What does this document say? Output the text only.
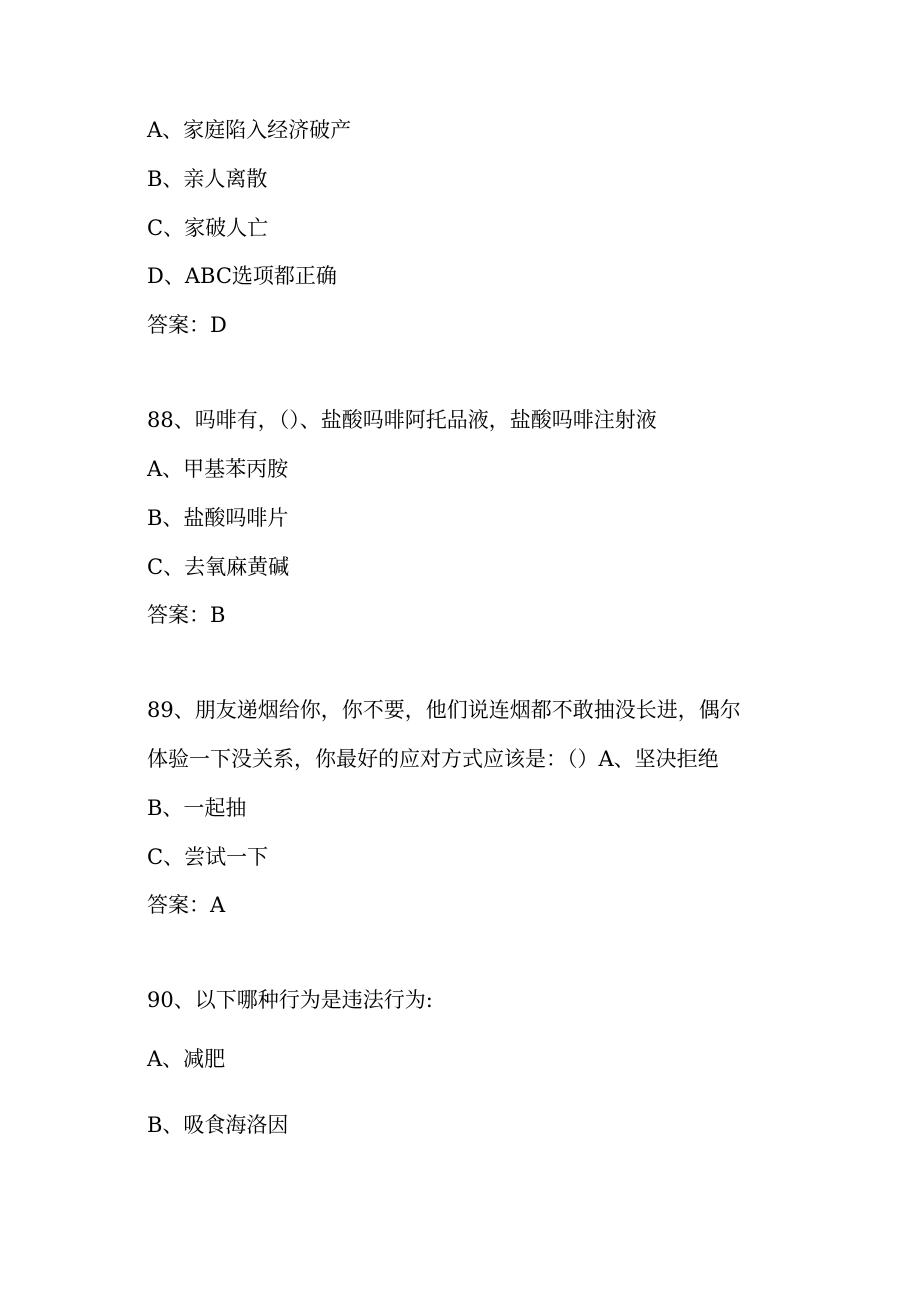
A、家庭陷入经济破产
B、亲人离散
C、家破人亡
D、ABC选项都正确
答案：D
88、吗啡有，（）、盐酸吗啡阿托品液，盐酸吗啡注射液
A、甲基苯丙胺
B、盐酸吗啡片
C、去氧麻黄碱
答案：B
89、朋友递烟给你，你不要，他们说连烟都不敢抽没长进，偶尔
体验一下没关系，你最好的应对方式应该是：（）A、坚决拒绝
B、一起抽
C、尝试一下
答案：A
90、以下哪种行为是违法行为:
A、减肥
B、吸食海洛因
